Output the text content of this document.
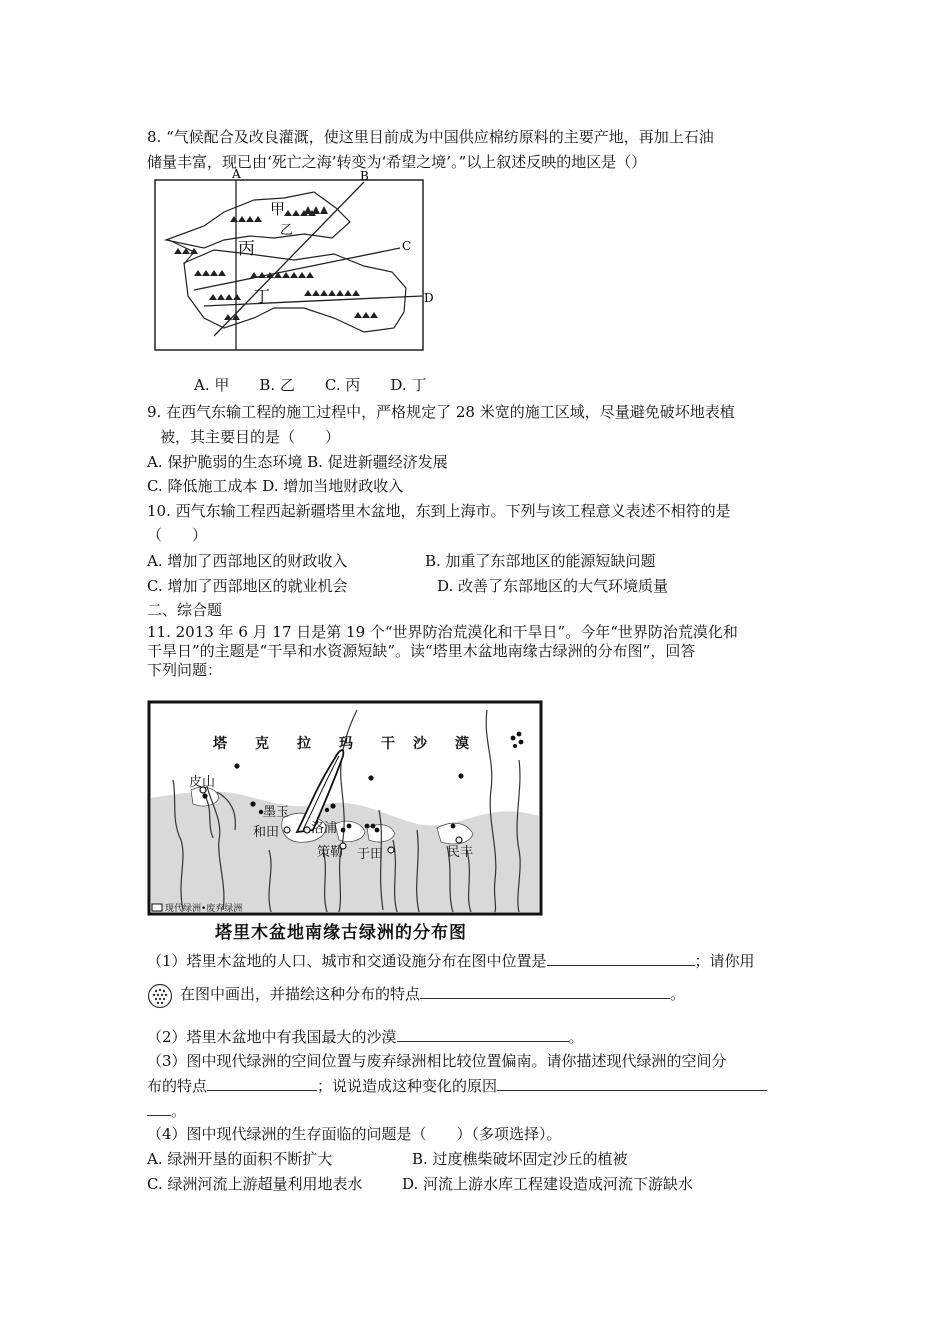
8. “气候配合及改良灌溉，使这里目前成为中国供应棉纺原料的主要产地，再加上石油
储量丰富，现已由‘死亡之海’转变为‘希望之境’。”以上叙述反映的地区是（）
A	B
C
D
甲
乙
丙
丁
A. 甲　　B. 乙　　C. 丙　　D. 丁
9. 在西气东输工程的施工过程中，严格规定了 28 米宽的施工区域，尽量避免破坏地表植
被，其主要目的是（　　）
A. 保护脆弱的生态环境 B. 促进新疆经济发展
C. 降低施工成本 D. 增加当地财政收入
10. 西气东输工程西起新疆塔里木盆地，东到上海市。下列与该工程意义表述不相符的是
（　　）
A. 增加了西部地区的财政收入	B. 加重了东部地区的能源短缺问题
C. 增加了西部地区的就业机会	D. 改善了东部地区的大气环境质量
二、综合题
11. 2013 年 6 月 17 日是第 19 个“世界防治荒漠化和干旱日”。今年“世界防治荒漠化和
干旱日”的主题是“干旱和水资源短缺”。读“塔里木盆地南缘古绿洲的分布图”，回答
下列问题：
塔 克 拉 玛 干 沙 漠
皮山
墨玉
和田 洛浦
策勒 于田	民丰
现代绿洲•废弃绿洲
塔里木盆地南缘古绿洲的分布图
（1）塔里木盆地的人口、城市和交通设施分布在图中位置是	；请你用
在图中画出，并描绘这种分布的特点	。
（2）塔里木盆地中有我国最大的沙漠	。
（3）图中现代绿洲的空间位置与废弃绿洲相比较位置偏南。请你描述现代绿洲的空间分
布的特点	；说说造成这种变化的原因
。
（4）图中现代绿洲的生存面临的问题是（　　）（多项选择）。
A. 绿洲开垦的面积不断扩大	B. 过度樵柴破坏固定沙丘的植被
C. 绿洲河流上游超量利用地表水	D. 河流上游水库工程建设造成河流下游缺水
